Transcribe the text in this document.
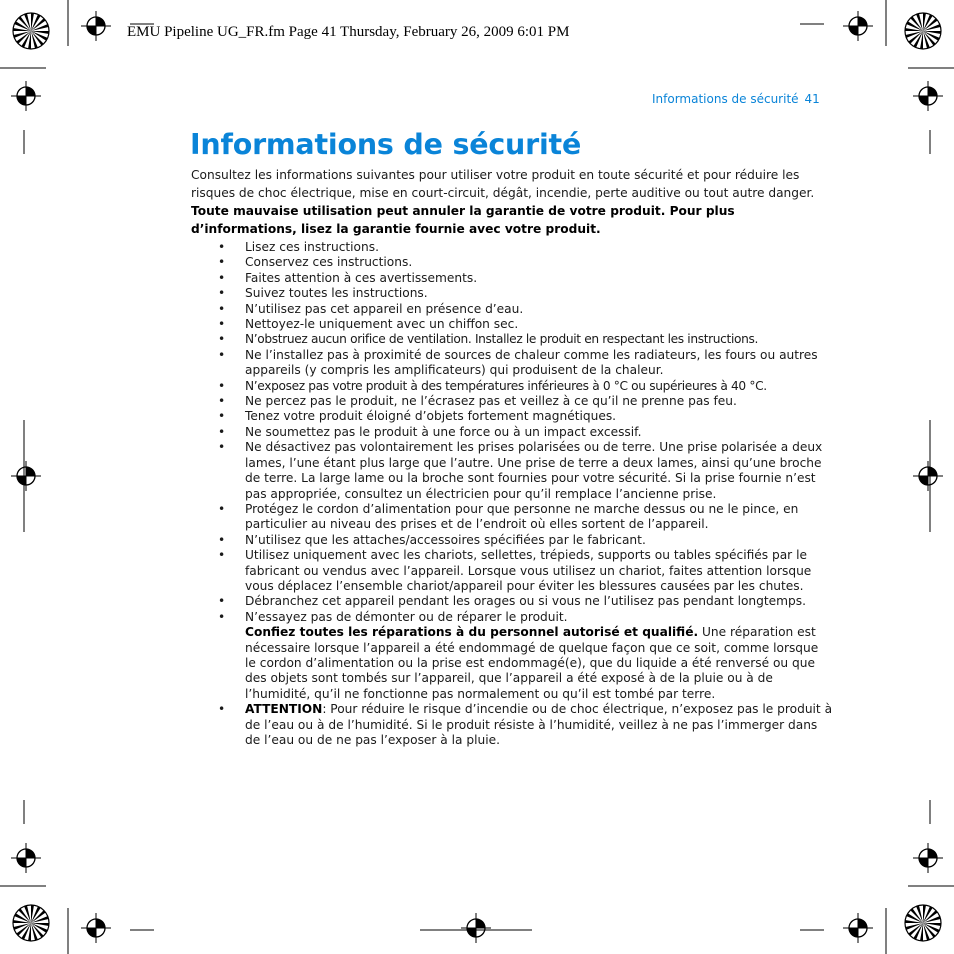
EMU Pipeline UG_FR.fm Page 41 Thursday, February 26, 2009 6:01 PM
Informations de sécurité 41
Informations de sécurité

Consultez les informations suivantes pour utiliser votre produit en toute sécurité et pour réduire les risques de choc électrique, mise en court-circuit, dégât, incendie, perte auditive ou tout autre danger. Toute mauvaise utilisation peut annuler la garantie de votre produit. Pour plus d’informations, lisez la garantie fournie avec votre produit.

• Lisez ces instructions.
• Conservez ces instructions.
• Faites attention à ces avertissements.
• Suivez toutes les instructions.
• N’utilisez pas cet appareil en présence d’eau.
• Nettoyez-le uniquement avec un chiffon sec.
• N’obstruez aucun orifice de ventilation. Installez le produit en respectant les instructions.
• Ne l’installez pas à proximité de sources de chaleur comme les radiateurs, les fours ou autres appareils (y compris les amplificateurs) qui produisent de la chaleur.
• N’exposez pas votre produit à des températures inférieures à 0 °C ou supérieures à 40 °C.
• Ne percez pas le produit, ne l’écrasez pas et veillez à ce qu’il ne prenne pas feu.
• Tenez votre produit éloigné d’objets fortement magnétiques.
• Ne soumettez pas le produit à une force ou à un impact excessif.
• Ne désactivez pas volontairement les prises polarisées ou de terre. Une prise polarisée a deux lames, l’une étant plus large que l’autre. Une prise de terre a deux lames, ainsi qu’une broche de terre. La large lame ou la broche sont fournies pour votre sécurité. Si la prise fournie n’est pas appropriée, consultez un électricien pour qu’il remplace l’ancienne prise.
• Protégez le cordon d’alimentation pour que personne ne marche dessus ou ne le pince, en particulier au niveau des prises et de l’endroit où elles sortent de l’appareil.
• N’utilisez que les attaches/accessoires spécifiées par le fabricant.
• Utilisez uniquement avec les chariots, sellettes, trépieds, supports ou tables spécifiés par le fabricant ou vendus avec l’appareil. Lorsque vous utilisez un chariot, faites attention lorsque vous déplacez l’ensemble chariot/appareil pour éviter les blessures causées par les chutes.
• Débranchez cet appareil pendant les orages ou si vous ne l’utilisez pas pendant longtemps.
• N’essayez pas de démonter ou de réparer le produit.
Confiez toutes les réparations à du personnel autorisé et qualifié. Une réparation est nécessaire lorsque l’appareil a été endommagé de quelque façon que ce soit, comme lorsque le cordon d’alimentation ou la prise est endommagé(e), que du liquide a été renversé ou que des objets sont tombés sur l’appareil, que l’appareil a été exposé à de la pluie ou à de l’humidité, qu’il ne fonctionne pas normalement ou qu’il est tombé par terre.
• ATTENTION: Pour réduire le risque d’incendie ou de choc électrique, n’exposez pas le produit à de l’eau ou à de l’humidité. Si le produit résiste à l’humidité, veillez à ne pas l’immerger dans de l’eau ou de ne pas l’exposer à la pluie.
